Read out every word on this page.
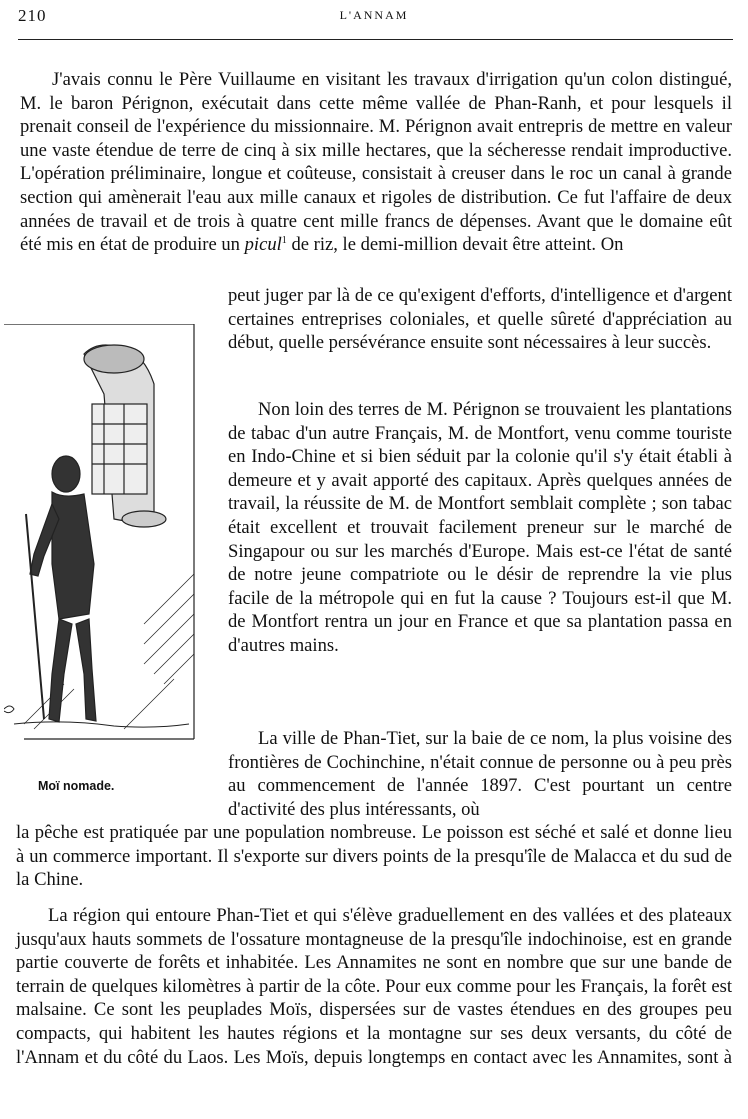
210	L'ANNAM

J'avais connu le Père Vuillaume en visitant les travaux d'irrigation qu'un colon distingué, M. le baron Pérignon, exécutait dans cette même vallée de Phan-Ranh, et pour lesquels il prenait conseil de l'expérience du missionnaire. M. Pérignon avait entrepris de mettre en valeur une vaste étendue de terre de cinq à six mille hectares, que la sécheresse rendait improductive. L'opération préliminaire, longue et coûteuse, consistait à creuser dans le roc un canal à grande section qui amènerait l'eau aux mille canaux et rigoles de distribution. Ce fut l'affaire de deux années de travail et de trois à quatre cent mille francs de dépenses. Avant que le domaine eût été mis en état de produire un picul$^1$ de riz, le demi-million devait être atteint. On

peut juger par là de ce qu'exigent d'efforts, d'intelligence et d'argent certaines entreprises coloniales, et quelle sûreté d'appréciation au début, quelle persévérance ensuite sont nécessaires à leur succès.

Non loin des terres de M. Pérignon se trouvaient les plantations de tabac d'un autre Français, M. de Montfort, venu comme touriste en Indo-Chine et si bien séduit par la colonie qu'il s'y était établi à demeure et y avait apporté des capitaux. Après quelques années de travail, la réussite de M. de Montfort semblait complète ; son tabac était excellent et trouvait facilement preneur sur le marché de Singapour ou sur les marchés d'Europe. Mais est-ce l'état de santé de notre jeune compatriote ou le désir de reprendre la vie plus facile de la métropole qui en fut la cause ? Toujours est-il que M. de Montfort rentra un jour en France et que sa plantation passa en d'autres mains.

La ville de Phan-Tiet, sur la baie de ce nom, la plus voisine des frontières de Cochinchine, n'était connue de personne ou à peu près au commencement de l'année 1897. C'est pourtant un centre d'activité des plus intéressants, où

la pêche est pratiquée par une population nombreuse. Le poisson est séché et salé et donne lieu à un commerce important. Il s'exporte sur divers points de la presqu'île de Malacca et du sud de la Chine.

La région qui entoure Phan-Tiet et qui s'élève graduellement en des vallées et des plateaux jusqu'aux hauts sommets de l'ossature montagneuse de la presqu'île indochinoise, est en grande partie couverte de forêts et inhabitée. Les Annamites ne sont en nombre que sur une bande de terrain de quelques kilomètres à partir de la côte. Pour eux comme pour les Français, la forêt est malsaine. Ce sont les peuplades Moïs, dispersées sur de vastes étendues en des groupes peu compacts, qui habitent les hautes régions et la montagne sur ses deux versants, du côté de l'Annam et du côté du Laos. Les Moïs, depuis longtemps en contact avec les Annamites, sont à

Moï nomade.
